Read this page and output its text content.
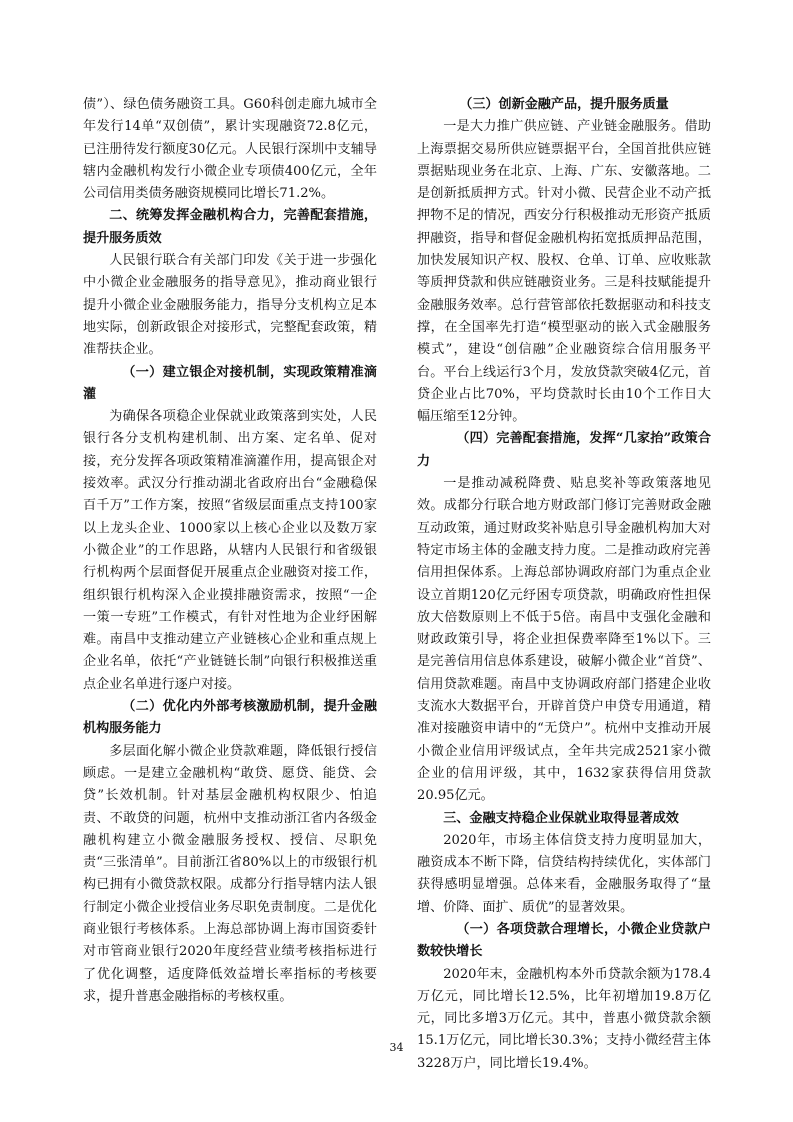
债”）、绿色债务融资工具。G60科创走廊九城市全年发行14单“双创债”，累计实现融资72.8亿元，已注册待发行额度30亿元。人民银行深圳中支辅导辖内金融机构发行小微企业专项债400亿元，全年公司信用类债务融资规模同比增长71.2%。

二、统筹发挥金融机构合力，完善配套措施，提升服务质效

人民银行联合有关部门印发《关于进一步强化中小微企业金融服务的指导意见》，推动商业银行提升小微企业金融服务能力，指导分支机构立足本地实际，创新政银企对接形式，完整配套政策，精准帮扶企业。

（一）建立银企对接机制，实现政策精准滴灌

为确保各项稳企业保就业政策落到实处，人民银行各分支机构建机制、出方案、定名单、促对接，充分发挥各项政策精准滴灌作用，提高银企对接效率。武汉分行推动湖北省政府出台“金融稳保百千万”工作方案，按照“省级层面重点支持100家以上龙头企业、1000家以上核心企业以及数万家小微企业”的工作思路，从辖内人民银行和省级银行机构两个层面督促开展重点企业融资对接工作，组织银行机构深入企业摸排融资需求，按照“一企一策一专班”工作模式，有针对性地为企业纾困解难。南昌中支推动建立产业链核心企业和重点规上企业名单，依托“产业链链长制”向银行积极推送重点企业名单进行逐户对接。

（二）优化内外部考核激励机制，提升金融机构服务能力

多层面化解小微企业贷款难题，降低银行授信顾虑。一是建立金融机构“敢贷、愿贷、能贷、会贷”长效机制。针对基层金融机构权限少、怕追责、不敢贷的问题，杭州中支推动浙江省内各级金融机构建立小微金融服务授权、授信、尽职免责“三张清单”。目前浙江省80%以上的市级银行机构已拥有小微贷款权限。成都分行指导辖内法人银行制定小微企业授信业务尽职免责制度。二是优化商业银行考核体系。上海总部协调上海市国资委针对市管商业银行2020年度经营业绩考核指标进行了优化调整，适度降低效益增长率指标的考核要求，提升普惠金融指标的考核权重。

（三）创新金融产品，提升服务质量

一是大力推广供应链、产业链金融服务。借助上海票据交易所供应链票据平台，全国首批供应链票据贴现业务在北京、上海、广东、安徽落地。二是创新抵质押方式。针对小微、民营企业不动产抵押物不足的情况，西安分行积极推动无形资产抵质押融资，指导和督促金融机构拓宽抵质押品范围，加快发展知识产权、股权、仓单、订单、应收账款等质押贷款和供应链融资业务。三是科技赋能提升金融服务效率。总行营管部依托数据驱动和科技支撑，在全国率先打造“模型驱动的嵌入式金融服务模式”，建设“创信融”企业融资综合信用服务平台。平台上线运行3个月，发放贷款突破4亿元，首贷企业占比70%，平均贷款时长由10个工作日大幅压缩至12分钟。

（四）完善配套措施，发挥“几家抬”政策合力

一是推动减税降费、贴息奖补等政策落地见效。成都分行联合地方财政部门修订完善财政金融互动政策，通过财政奖补贴息引导金融机构加大对特定市场主体的金融支持力度。二是推动政府完善信用担保体系。上海总部协调政府部门为重点企业设立首期120亿元纾困专项贷款，明确政府性担保放大倍数原则上不低于5倍。南昌中支强化金融和财政政策引导，将企业担保费率降至1%以下。三是完善信用信息体系建设，破解小微企业“首贷”、信用贷款难题。南昌中支协调政府部门搭建企业收支流水大数据平台，开辟首贷户申贷专用通道，精准对接融资申请中的“无贷户”。杭州中支推动开展小微企业信用评级试点，全年共完成2521家小微企业的信用评级，其中，1632家获得信用贷款20.95亿元。

三、金融支持稳企业保就业取得显著成效

2020年，市场主体信贷支持力度明显加大，融资成本不断下降，信贷结构持续优化，实体部门获得感明显增强。总体来看，金融服务取得了“量增、价降、面扩、质优”的显著效果。

（一）各项贷款合理增长，小微企业贷款户数较快增长

2020年末，金融机构本外币贷款余额为178.4万亿元，同比增长12.5%，比年初增加19.8万亿元，同比多增3万亿元。其中，普惠小微贷款余额15.1万亿元，同比增长30.3%；支持小微经营主体3228万户，同比增长19.4%。

34
